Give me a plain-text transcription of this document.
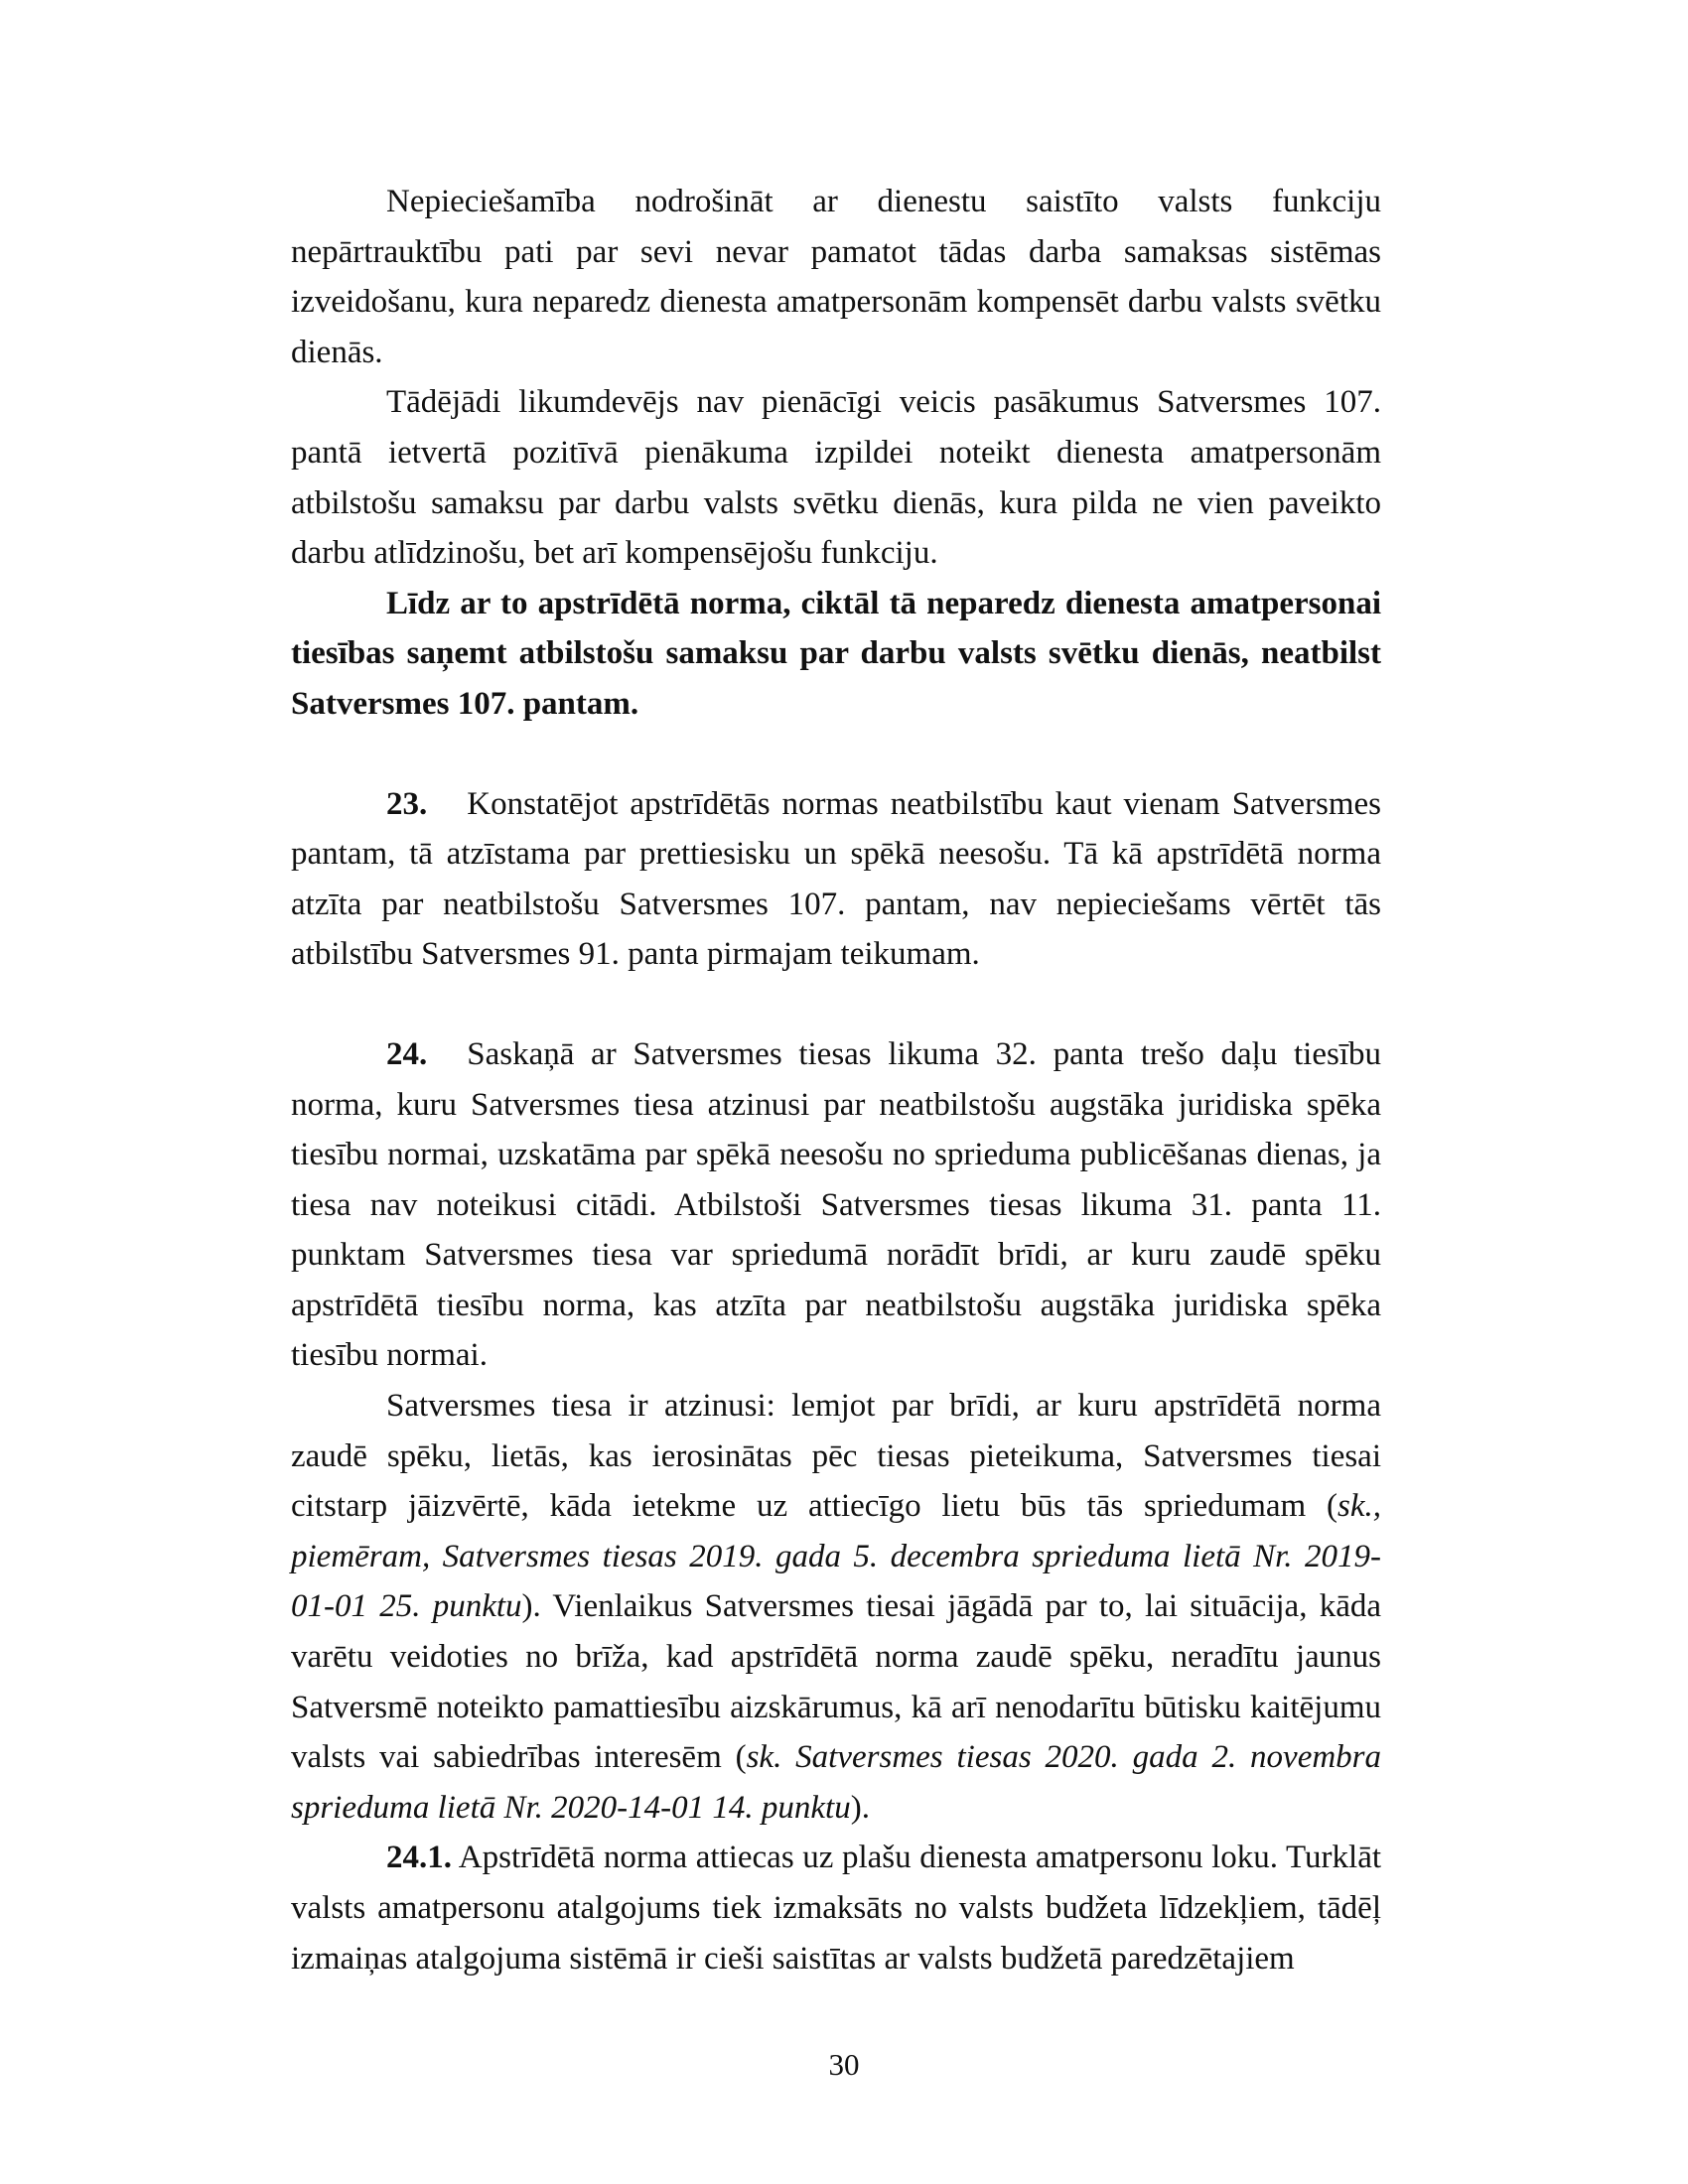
Nepieciešamība nodrošināt ar dienestu saistīto valsts funkciju nepārtrauktību pati par sevi nevar pamatot tādas darba samaksas sistēmas izveidošanu, kura neparedz dienesta amatpersonām kompensēt darbu valsts svētku dienās.

Tādējādi likumdevējs nav pienācīgi veicis pasākumus Satversmes 107. pantā ietvertā pozitīvā pienākuma izpildei noteikt dienesta amatpersonām atbilstošu samaksu par darbu valsts svētku dienās, kura pilda ne vien paveikto darbu atlīdzinošu, bet arī kompensējošu funkciju.

Līdz ar to apstrīdētā norma, ciktāl tā neparedz dienesta amatpersonai tiesības saņemt atbilstošu samaksu par darbu valsts svētku dienās, neatbilst Satversmes 107. pantam.

23. Konstatējot apstrīdētās normas neatbilstību kaut vienam Satversmes pantam, tā atzīstama par prettiesisku un spēkā neesošu. Tā kā apstrīdētā norma atzīta par neatbilstošu Satversmes 107. pantam, nav nepieciešams vērtēt tās atbilstību Satversmes 91. panta pirmajam teikumam.

24. Saskaņā ar Satversmes tiesas likuma 32. panta trešo daļu tiesību norma, kuru Satversmes tiesa atzinusi par neatbilstošu augstāka juridiska spēka tiesību normai, uzskatāma par spēkā neesošu no sprieduma publicēšanas dienas, ja tiesa nav noteikusi citādi. Atbilstoši Satversmes tiesas likuma 31. panta 11. punktam Satversmes tiesa var spriedumā norādīt brīdi, ar kuru zaudē spēku apstrīdētā tiesību norma, kas atzīta par neatbilstošu augstāka juridiska spēka tiesību normai.

Satversmes tiesa ir atzinusi: lemjot par brīdi, ar kuru apstrīdētā norma zaudē spēku, lietās, kas ierosinātas pēc tiesas pieteikuma, Satversmes tiesai citstarp jāizvērtē, kāda ietekme uz attiecīgo lietu būs tās spriedumam (sk., piemēram, Satversmes tiesas 2019. gada 5. decembra sprieduma lietā Nr. 2019-01-01 25. punktu). Vienlaikus Satversmes tiesai jāgādā par to, lai situācija, kāda varētu veidoties no brīža, kad apstrīdētā norma zaudē spēku, neradītu jaunus Satversmē noteikto pamattiesību aizskārumus, kā arī nenodarītu būtisku kaitējumu valsts vai sabiedrības interesēm (sk. Satversmes tiesas 2020. gada 2. novembra sprieduma lietā Nr. 2020-14-01 14. punktu).

24.1. Apstrīdētā norma attiecas uz plašu dienesta amatpersonu loku. Turklāt valsts amatpersonu atalgojums tiek izmaksāts no valsts budžeta līdzekļiem, tādēļ izmaiņas atalgojuma sistēmā ir cieši saistītas ar valsts budžetā paredzētajiem

30
